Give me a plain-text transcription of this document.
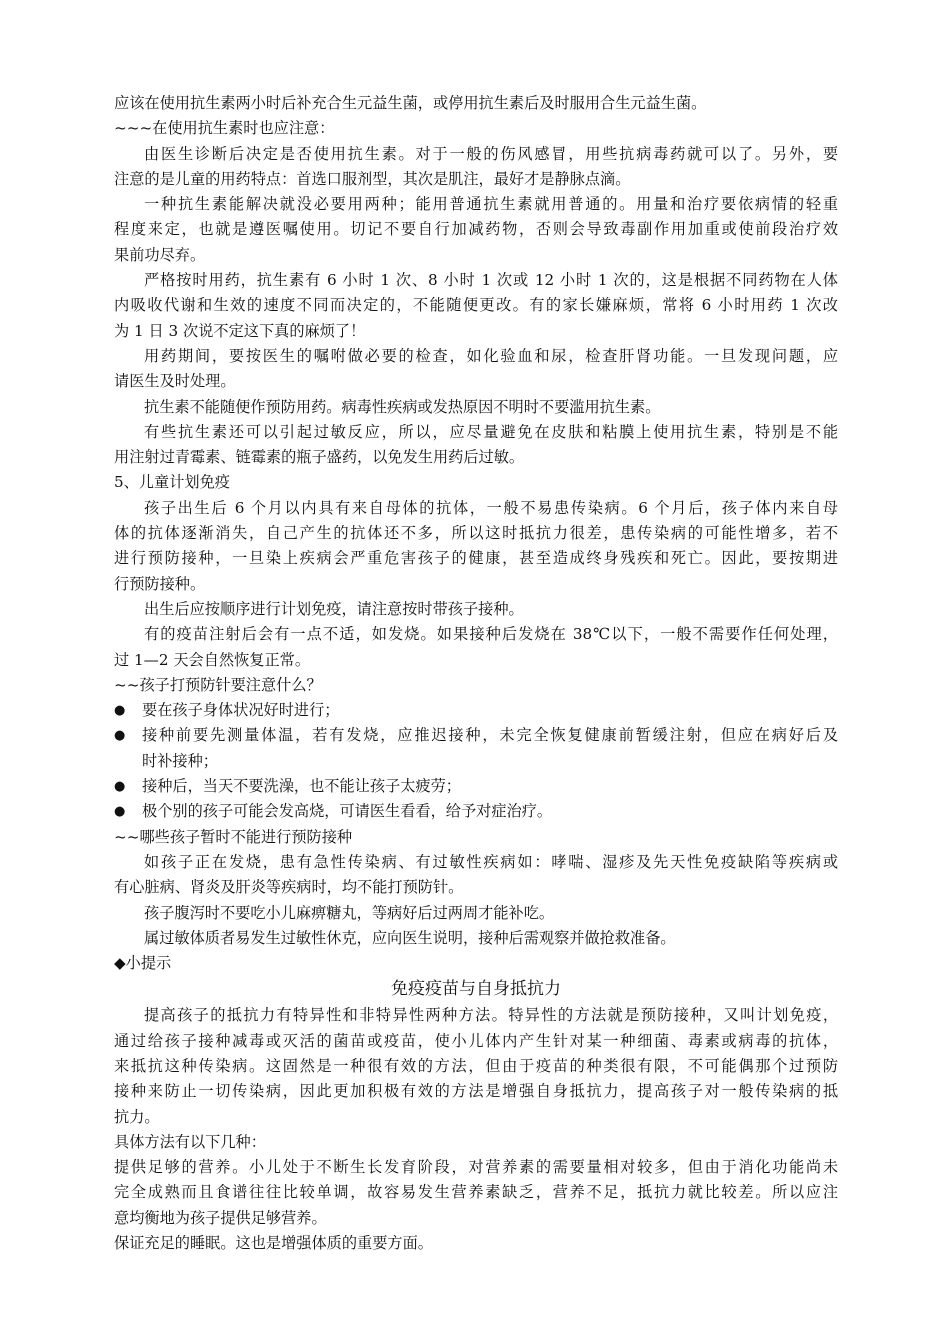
应该在使用抗生素两小时后补充合生元益生菌，或停用抗生素后及时服用合生元益生菌。
~~~在使用抗生素时也应注意：
由医生诊断后决定是否使用抗生素。对于一般的伤风感冒，用些抗病毒药就可以了。另外，要
注意的是儿童的用药特点：首选口服剂型，其次是肌注，最好才是静脉点滴。
一种抗生素能解决就没必要用两种；能用普通抗生素就用普通的。用量和治疗要依病情的轻重
程度来定，也就是遵医嘱使用。切记不要自行加减药物，否则会导致毒副作用加重或使前段治疗效
果前功尽弃。
严格按时用药，抗生素有 6 小时 1 次、8 小时 1 次或 12 小时 1 次的，这是根据不同药物在人体
内吸收代谢和生效的速度不同而决定的，不能随便更改。有的家长嫌麻烦，常将 6 小时用药 1 次改
为 1 日 3 次说不定这下真的麻烦了！
用药期间，要按医生的嘱咐做必要的检查，如化验血和尿，检查肝肾功能。一旦发现问题，应
请医生及时处理。
抗生素不能随便作预防用药。病毒性疾病或发热原因不明时不要滥用抗生素。
有些抗生素还可以引起过敏反应，所以，应尽量避免在皮肤和粘膜上使用抗生素，特别是不能
用注射过青霉素、链霉素的瓶子盛药，以免发生用药后过敏。
5、儿童计划免疫
孩子出生后 6 个月以内具有来自母体的抗体，一般不易患传染病。6 个月后，孩子体内来自母
体的抗体逐渐消失，自己产生的抗体还不多，所以这时抵抗力很差，患传染病的可能性增多，若不
进行预防接种，一旦染上疾病会严重危害孩子的健康，甚至造成终身残疾和死亡。因此，要按期进
行预防接种。
出生后应按顺序进行计划免疫，请注意按时带孩子接种。
有的疫苗注射后会有一点不适，如发烧。如果接种后发烧在 38℃以下，一般不需要作任何处理，
过 1—2 天会自然恢复正常。
~~孩子打预防针要注意什么？
●	要在孩子身体状况好时进行；
●	接种前要先测量体温，若有发烧，应推迟接种，未完全恢复健康前暂缓注射，但应在病好后及
时补接种；
●	接种后，当天不要洗澡，也不能让孩子太疲劳；
●	极个别的孩子可能会发高烧，可请医生看看，给予对症治疗。
~~哪些孩子暂时不能进行预防接种
如孩子正在发烧，患有急性传染病、有过敏性疾病如：哮喘、湿疹及先天性免疫缺陷等疾病或
有心脏病、肾炎及肝炎等疾病时，均不能打预防针。
孩子腹泻时不要吃小儿麻痹糖丸，等病好后过两周才能补吃。
属过敏体质者易发生过敏性休克，应向医生说明，接种后需观察并做抢救准备。
◆小提示
免疫疫苗与自身抵抗力
提高孩子的抵抗力有特异性和非特异性两种方法。特异性的方法就是预防接种，又叫计划免疫，
通过给孩子接种减毒或灭活的菌苗或疫苗，使小儿体内产生针对某一种细菌、毒素或病毒的抗体，
来抵抗这种传染病。这固然是一种很有效的方法，但由于疫苗的种类很有限，不可能偶那个过预防
接种来防止一切传染病，因此更加积极有效的方法是增强自身抵抗力，提高孩子对一般传染病的抵
抗力。
具体方法有以下几种：
提供足够的营养。小儿处于不断生长发育阶段，对营养素的需要量相对较多，但由于消化功能尚未
完全成熟而且食谱往往比较单调，故容易发生营养素缺乏，营养不足，抵抗力就比较差。所以应注
意均衡地为孩子提供足够营养。
保证充足的睡眠。这也是增强体质的重要方面。
